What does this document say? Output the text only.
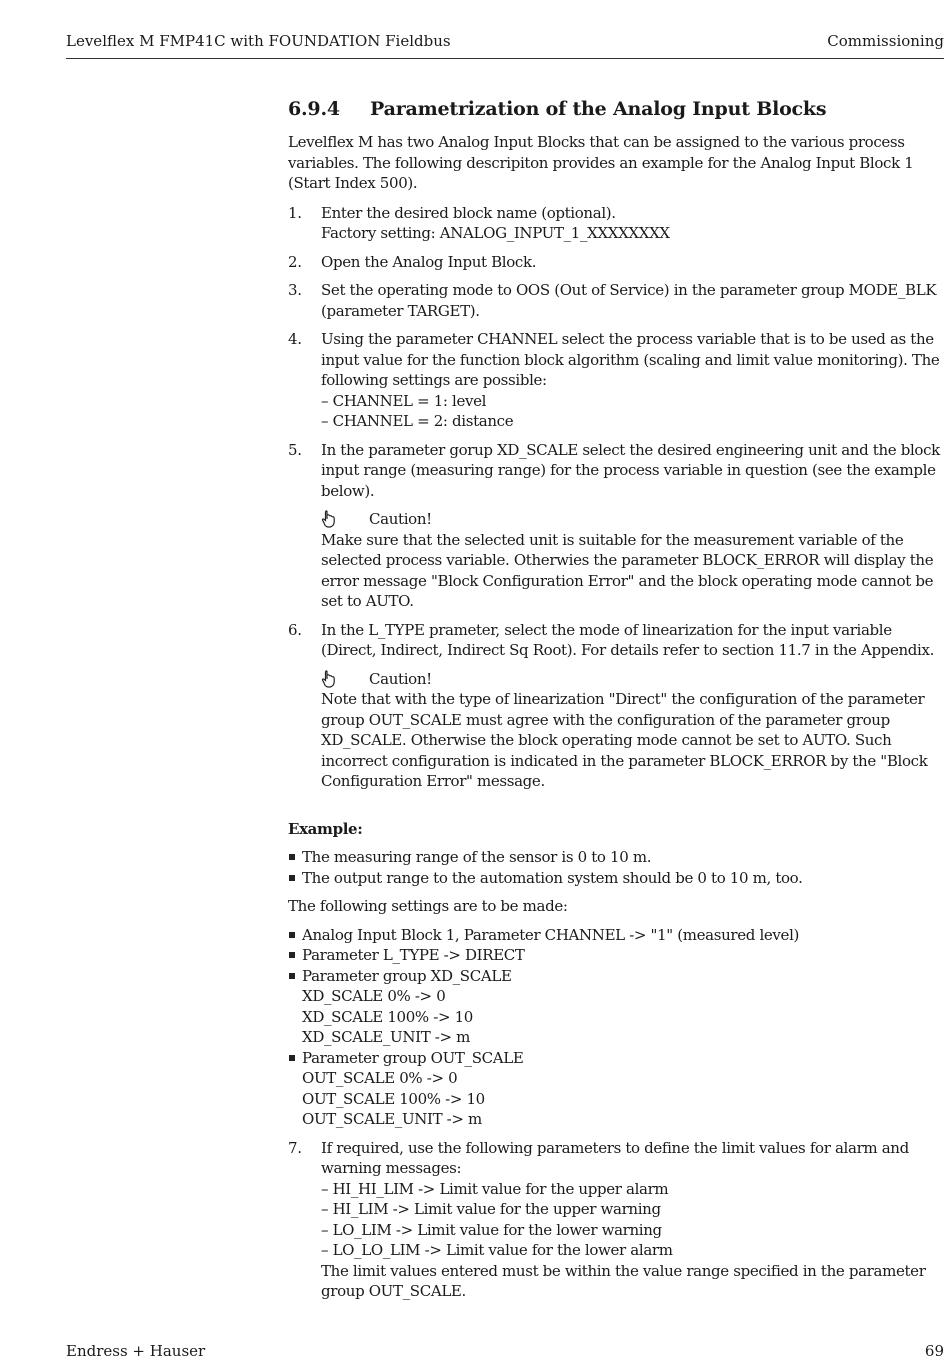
Levelflex M FMP41C with FOUNDATION Fieldbus	Commissioning
6.9.4 Parametrization of the Analog Input Blocks

Levelflex M has two Analog Input Blocks that can be assigned to the various process variables. The following descripiton provides an example for the Analog Input Block 1 (Start Index 500).

1. Enter the desired block name (optional).

Factory setting: ANALOG_INPUT_1_XXXXXXXX

2. Open the Analog Input Block.

3. Set the operating mode to OOS (Out of Service) in the parameter group MODE_BLK (parameter TARGET).

4. Using the parameter CHANNEL select the process variable that is to be used as the input value for the function block algorithm (scaling and limit value monitoring). The following settings are possible:

– CHANNEL = 1: level

– CHANNEL = 2: distance

5. In the parameter gorup XD_SCALE select the desired engineering unit and the block input range (measuring range) for the process variable in question (see the example below).

Caution!

Make sure that the selected unit is suitable for the measurement variable of the selected process variable. Otherwies the parameter BLOCK_ERROR will display the error message "Block Configuration Error" and the block operating mode cannot be set to AUTO.

6. In the L_TYPE prameter, select the mode of linearization for the input variable (Direct, Indirect, Indirect Sq Root). For details refer to section 11.7 in the Appendix.

Caution!

Note that with the type of linearization "Direct" the configuration of the parameter group OUT_SCALE must agree with the configuration of the parameter group XD_SCALE. Otherwise the block operating mode cannot be set to AUTO. Such incorrect configuration is indicated in the parameter BLOCK_ERROR by the "Block Configuration Error" message.

Example:

The measuring range of the sensor is 0 to 10 m.
The output range to the automation system should be 0 to 10 m, too.

The following settings are to be made:

Analog Input Block 1, Parameter CHANNEL -> "1" (measured level)
Parameter L_TYPE -> DIRECT
Parameter group XD_SCALE
XD_SCALE 0% -> 0
XD_SCALE 100% -> 10
XD_SCALE_UNIT -> m
Parameter group OUT_SCALE
OUT_SCALE 0% -> 0
OUT_SCALE 100% -> 10
OUT_SCALE_UNIT -> m
7. If required, use the following parameters to define the limit values for alarm and warning messages:

– HI_HI_LIM -> Limit value for the upper alarm

– HI_LIM -> Limit value for the upper warning

– LO_LIM -> Limit value for the lower warning

– LO_LO_LIM -> Limit value for the lower alarm

The limit values entered must be within the value range specified in the parameter group OUT_SCALE.

Endress + Hauser	69
